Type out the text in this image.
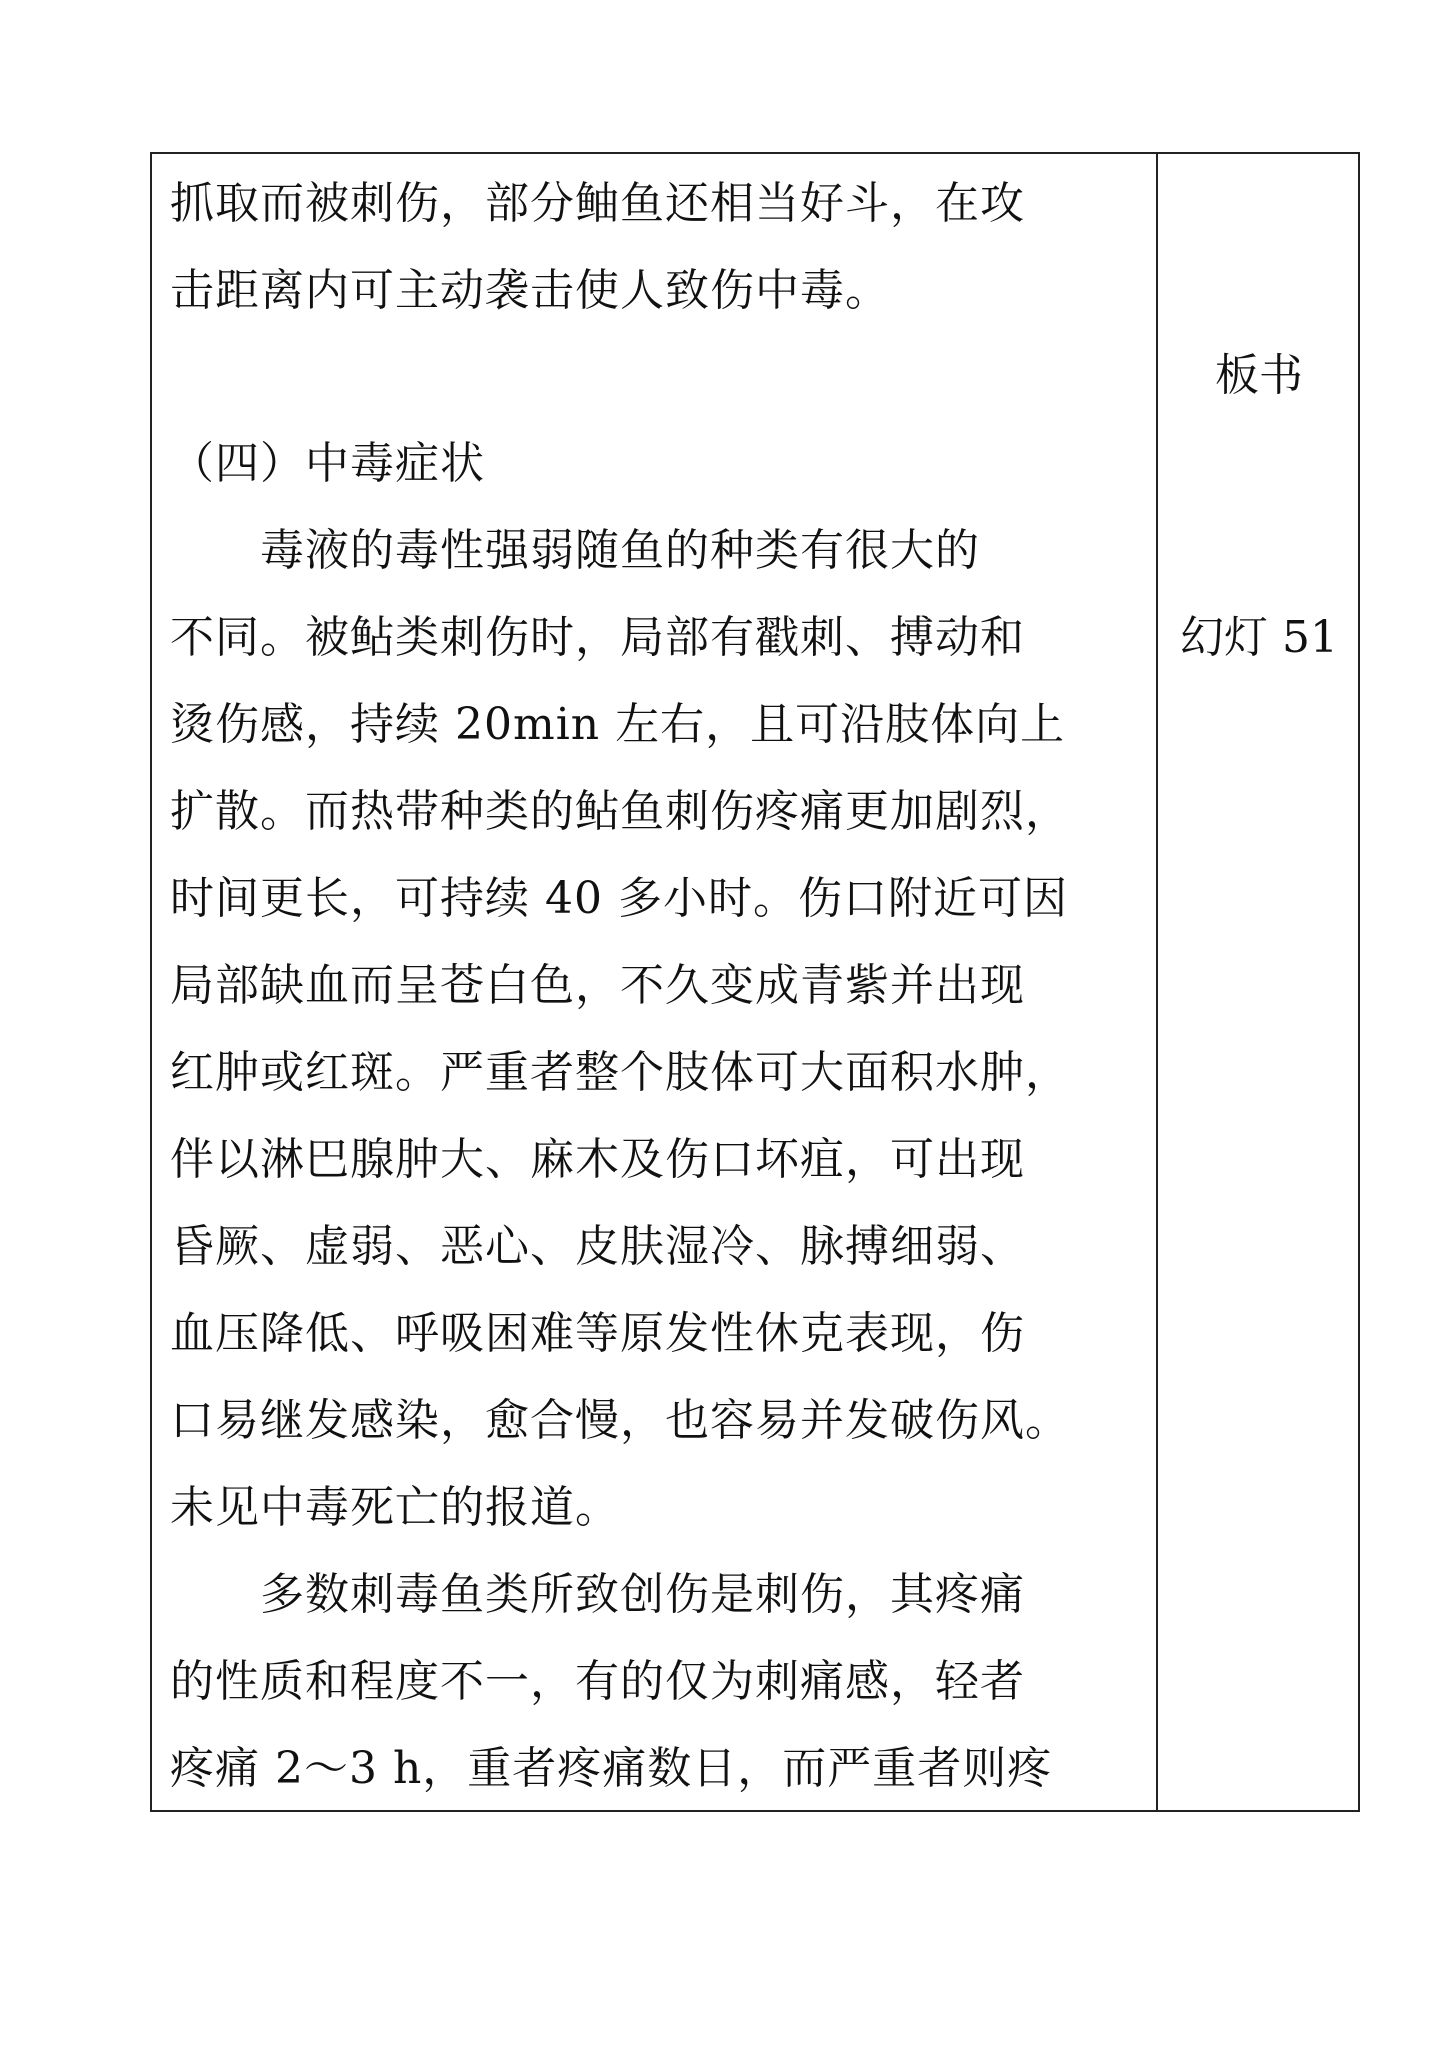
抓取而被刺伤，部分鲉鱼还相当好斗，在攻
击距离内可主动袭击使人致伤中毒。
（四）中毒症状
　　毒液的毒性强弱随鱼的种类有很大的
不同。被鲇类刺伤时，局部有戳刺、搏动和
烫伤感，持续 20min 左右，且可沿肢体向上
扩散。而热带种类的鲇鱼刺伤疼痛更加剧烈，
时间更长，可持续 40 多小时。伤口附近可因
局部缺血而呈苍白色，不久变成青紫并出现
红肿或红斑。严重者整个肢体可大面积水肿，
伴以淋巴腺肿大、麻木及伤口坏疽，可出现
昏厥、虚弱、恶心、皮肤湿冷、脉搏细弱、
血压降低、呼吸困难等原发性休克表现，伤
口易继发感染，愈合慢，也容易并发破伤风。
未见中毒死亡的报道。
　　多数刺毒鱼类所致创伤是刺伤，其疼痛
的性质和程度不一，有的仅为刺痛感，轻者
疼痛 2～3 h，重者疼痛数日，而严重者则疼
板书
幻灯 51
